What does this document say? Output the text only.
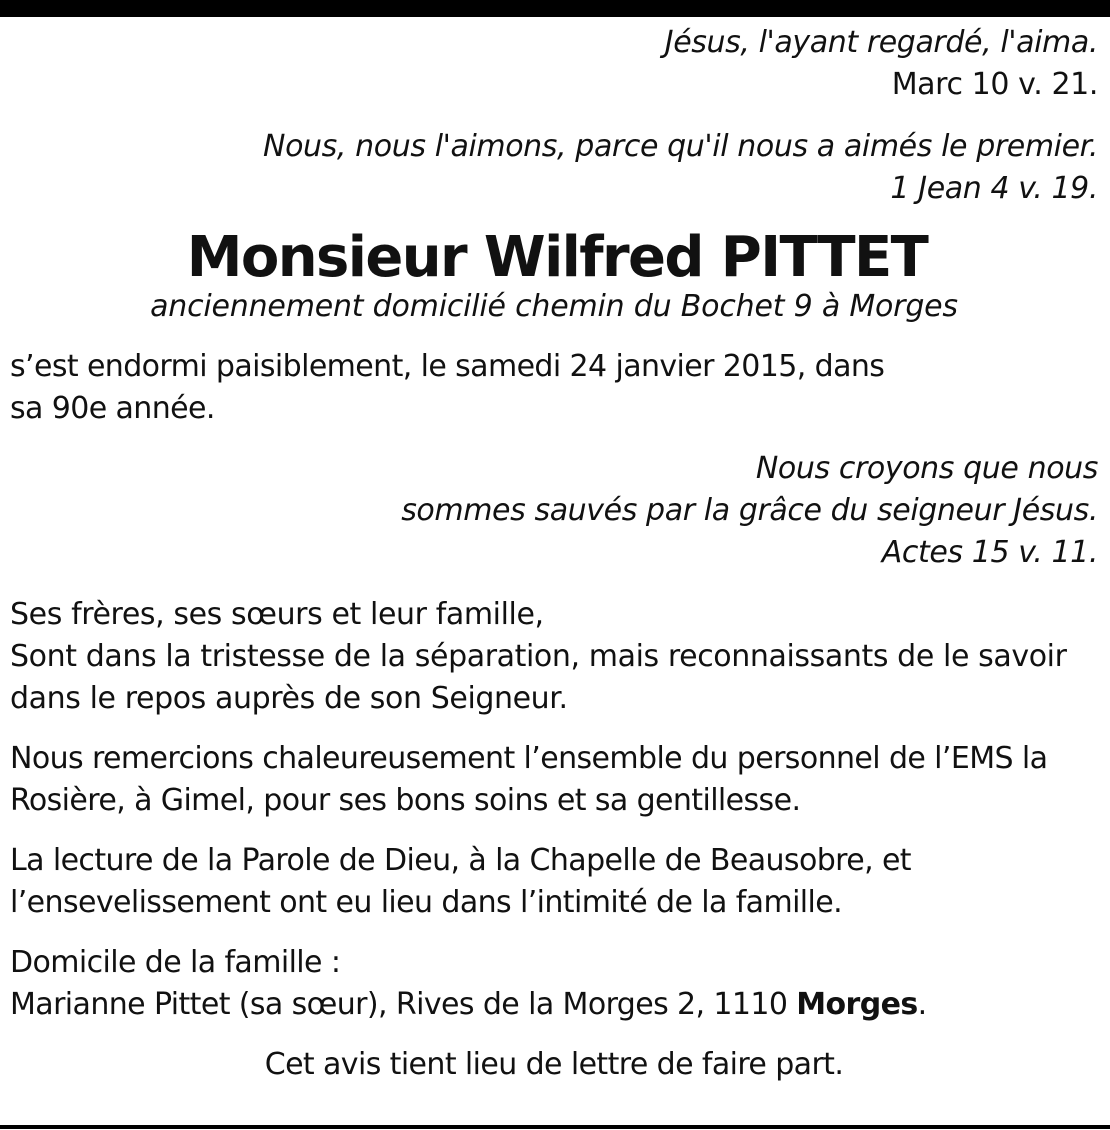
Jésus, l'ayant regardé, l'aima.
Marc 10 v. 21.
Nous, nous l'aimons, parce qu'il nous a aimés le premier.
1 Jean 4 v. 19.
Monsieur Wilfred PITTET
anciennement domicilié chemin du Bochet 9 à Morges
s’est endormi paisiblement, le samedi 24 janvier 2015, dans sa 90e année.
Nous croyons que nous
sommes sauvés par la grâce du seigneur Jésus.
Actes 15 v. 11.
Ses frères, ses sœurs et leur famille,
Sont dans la tristesse de la séparation, mais reconnaissants de le savoir dans le repos auprès de son Seigneur.
Nous remercions chaleureusement l’ensemble du personnel de l’EMS la Rosière, à Gimel, pour ses bons soins et sa gentillesse.
La lecture de la Parole de Dieu, à la Chapelle de Beausobre, et l’ensevelissement ont eu lieu dans l’intimité de la famille.
Domicile de la famille :
Marianne Pittet (sa sœur), Rives de la Morges 2, 1110 Morges.
Cet avis tient lieu de lettre de faire part.
